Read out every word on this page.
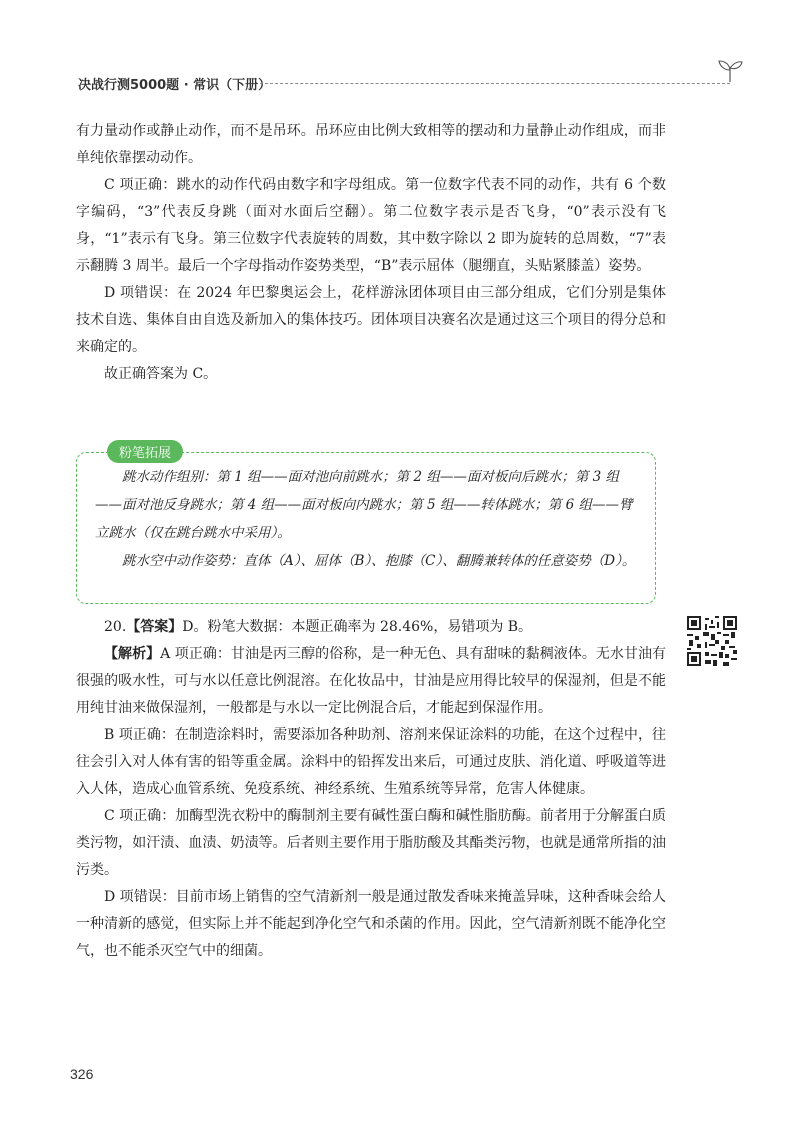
决战行测5000题 · 常识（下册）

有力量动作或静止动作，而不是吊环。吊环应由比例大致相等的摆动和力量静止动作组成，而非单纯依靠摆动动作。

C 项正确：跳水的动作代码由数字和字母组成。第一位数字代表不同的动作，共有 6 个数字编码，“3”代表反身跳（面对水面后空翻）。第二位数字表示是否飞身，“0”表示没有飞身，“1”表示有飞身。第三位数字代表旋转的周数，其中数字除以 2 即为旋转的总周数，“7”表示翻腾 3 周半。最后一个字母指动作姿势类型，“B”表示屈体（腿绷直，头贴紧膝盖）姿势。

D 项错误：在 2024 年巴黎奥运会上，花样游泳团体项目由三部分组成，它们分别是集体技术自选、集体自由自选及新加入的集体技巧。团体项目决赛名次是通过这三个项目的得分总和来确定的。

故正确答案为 C。

粉笔拓展

跳水动作组别：第 1 组——面对池向前跳水；第 2 组——面对板向后跳水；第 3 组——面对池反身跳水；第 4 组——面对板向内跳水；第 5 组——转体跳水；第 6 组——臂立跳水（仅在跳台跳水中采用）。

跳水空中动作姿势：直体（A）、屈体（B）、抱膝（C）、翻腾兼转体的任意姿势（D）。

20.【答案】D。粉笔大数据：本题正确率为 28.46%，易错项为 B。

【解析】A 项正确：甘油是丙三醇的俗称，是一种无色、具有甜味的黏稠液体。无水甘油有很强的吸水性，可与水以任意比例混溶。在化妆品中，甘油是应用得比较早的保湿剂，但是不能用纯甘油来做保湿剂，一般都是与水以一定比例混合后，才能起到保湿作用。

B 项正确：在制造涂料时，需要添加各种助剂、溶剂来保证涂料的功能，在这个过程中，往往会引入对人体有害的铅等重金属。涂料中的铅挥发出来后，可通过皮肤、消化道、呼吸道等进入人体，造成心血管系统、免疫系统、神经系统、生殖系统等异常，危害人体健康。

C 项正确：加酶型洗衣粉中的酶制剂主要有碱性蛋白酶和碱性脂肪酶。前者用于分解蛋白质类污物，如汗渍、血渍、奶渍等。后者则主要作用于脂肪酸及其酯类污物，也就是通常所指的油污类。

D 项错误：目前市场上销售的空气清新剂一般是通过散发香味来掩盖异味，这种香味会给人一种清新的感觉，但实际上并不能起到净化空气和杀菌的作用。因此，空气清新剂既不能净化空气，也不能杀灭空气中的细菌。

326
